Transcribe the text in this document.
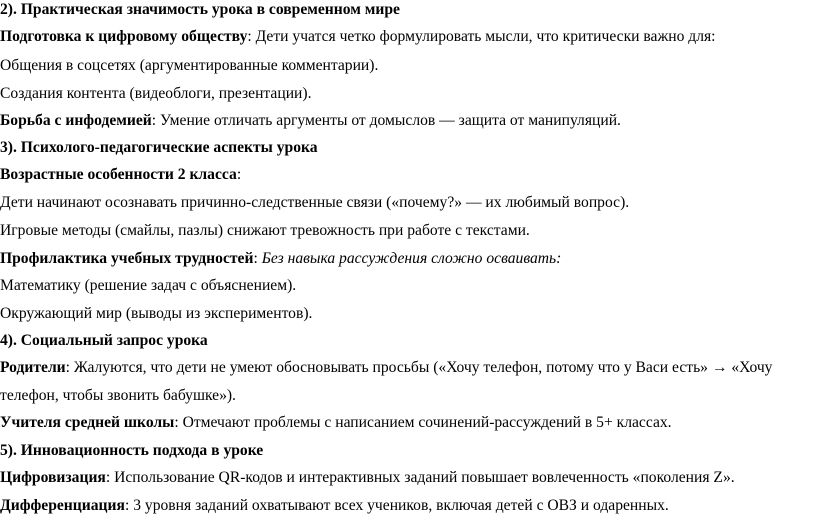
2). Практическая значимость урока в современном мире
Подготовка к цифровому обществу: Дети учатся четко формулировать мысли, что критически важно для:
Общения в соцсетях (аргументированные комментарии).
Создания контента (видеоблоги, презентации).
Борьба с инфодемией: Умение отличать аргументы от домыслов — защита от манипуляций.
3). Психолого-педагогические аспекты урока
Возрастные особенности 2 класса:
Дети начинают осознавать причинно-следственные связи («почему?» — их любимый вопрос).
Игровые методы (смайлы, пазлы) снижают тревожность при работе с текстами.
Профилактика учебных трудностей: Без навыка рассуждения сложно осваивать:
Математику (решение задач с объяснением).
Окружающий мир (выводы из экспериментов).
4). Социальный запрос урока
Родители: Жалуются, что дети не умеют обосновывать просьбы («Хочу телефон, потому что у Васи есть» → «Хочу
телефон, чтобы звонить бабушке»).
Учителя средней школы: Отмечают проблемы с написанием сочинений-рассуждений в 5+ классах.
5). Инновационность подхода в уроке
Цифровизация: Использование QR-кодов и интерактивных заданий повышает вовлеченность «поколения Z».
Дифференциация: 3 уровня заданий охватывают всех учеников, включая детей с ОВЗ и одаренных.
